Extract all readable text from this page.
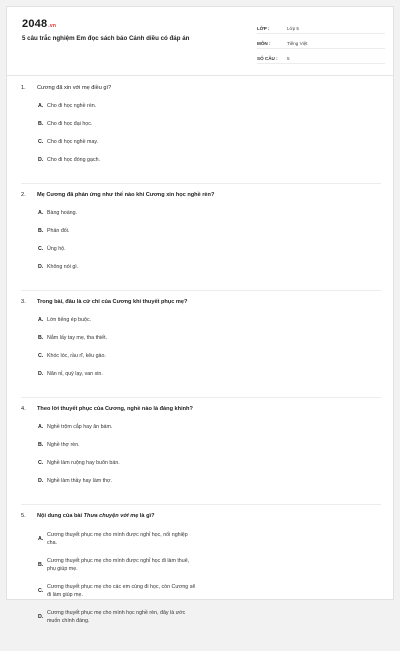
2048.vn
5 câu trắc nghiệm Em đọc sách báo Cánh diều có đáp án
LỚP :	Lớp 5
MÔN :	Tiếng Việt
SỐ CÂU :	5
1.	Cương đã xin với mẹ điều gì?
A. Cho đi học nghề rèn.
B. Cho đi học đại học.
C. Cho đi học nghề may.
D. Cho đi học đóng gạch.
2.	Mẹ Cương đã phản ứng như thế nào khi Cương xin học nghề rèn?
A. Bàng hoàng.
B. Phản đối.
C. Ủng hộ.
D. Không nói gì.
3.	Trong bài, đâu là cử chỉ của Cương khi thuyết phục mẹ?
A. Lớn tiếng ép buộc.
B. Nắm lấy tay mẹ, tha thiết.
C. Khóc lóc, rầu rĩ, kêu gào.
D. Năn nỉ, quỳ lạy, van xin.
4.	Theo lời thuyết phục của Cương, nghề nào là đáng khinh?
A. Nghề trộm cắp hay ăn bám.
B. Nghề thợ rèn.
C. Nghề làm ruộng hay buôn bán.
D. Nghề làm thầy hay làm thợ.
5.	Nội dung của bài Thưa chuyện với mẹ là gì?
A.
Cương thuyết phục mẹ cho mình được nghỉ học, nối nghiệp cha.
B.
Cương thuyết phục mẹ cho mình được nghỉ học đi làm thuê, phụ giúp mẹ.
C.
Cương thuyết phục mẹ cho các em cùng đi học, còn Cương sẽ đi làm giúp mẹ.
D.
Cương thuyết phục mẹ cho mình học nghề rèn, đây là ước muốn chính đáng.
